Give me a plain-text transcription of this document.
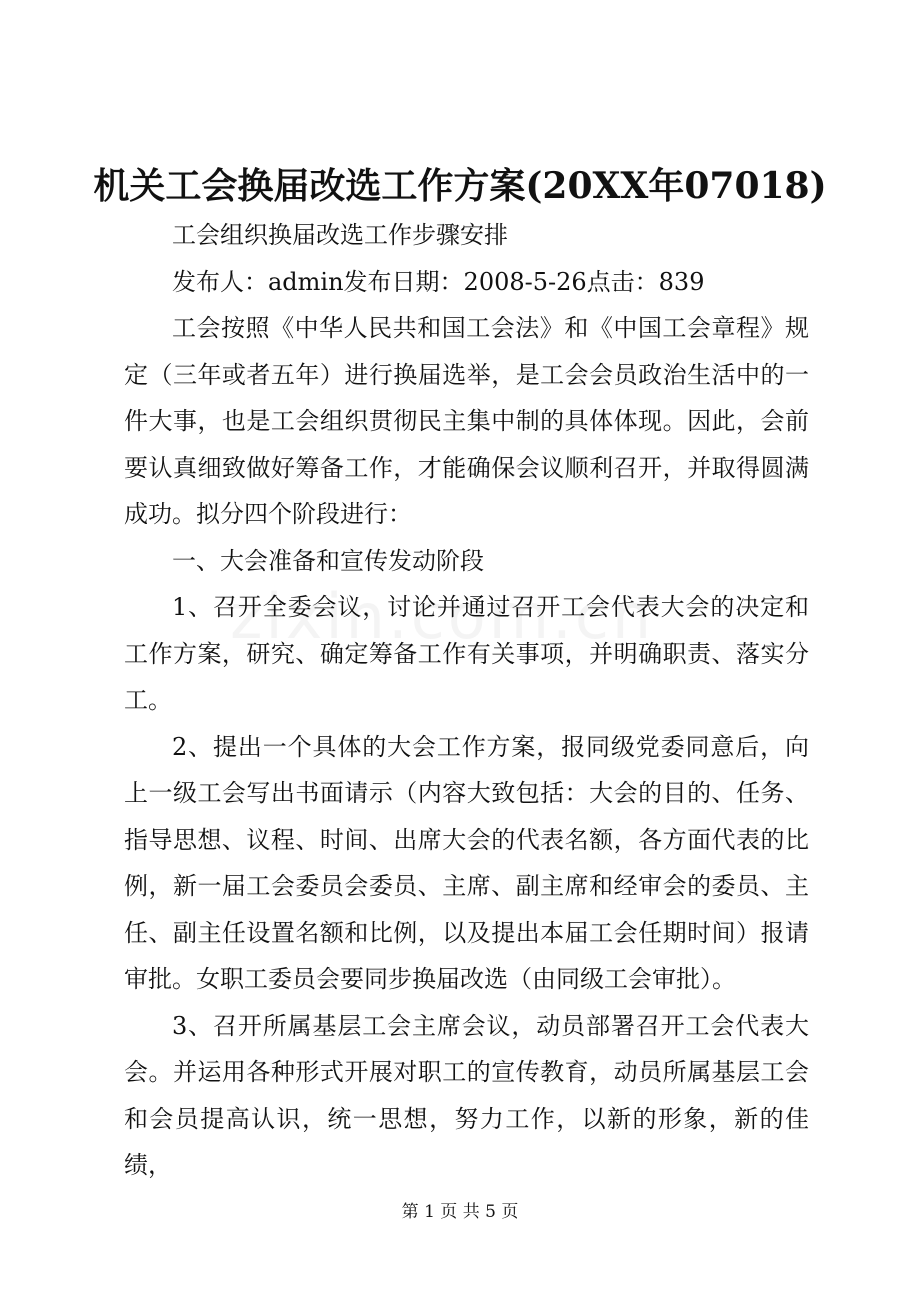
机关工会换届改选工作方案(20XX年07018)

工会组织换届改选工作步骤安排

发布人：admin发布日期：2008-5-26点击：839

工会按照《中华人民共和国工会法》和《中国工会章程》规定（三年或者五年）进行换届选举，是工会会员政治生活中的一件大事，也是工会组织贯彻民主集中制的具体体现。因此，会前要认真细致做好筹备工作，才能确保会议顺利召开，并取得圆满成功。拟分四个阶段进行：

一、大会准备和宣传发动阶段

1、召开全委会议，讨论并通过召开工会代表大会的决定和工作方案，研究、确定筹备工作有关事项，并明确职责、落实分工。

2、提出一个具体的大会工作方案，报同级党委同意后，向上一级工会写出书面请示（内容大致包括：大会的目的、任务、指导思想、议程、时间、出席大会的代表名额，各方面代表的比例，新一届工会委员会委员、主席、副主席和经审会的委员、主任、副主任设置名额和比例，以及提出本届工会任期时间）报请审批。女职工委员会要同步换届改选（由同级工会审批）。

3、召开所属基层工会主席会议，动员部署召开工会代表大会。并运用各种形式开展对职工的宣传教育，动员所属基层工会和会员提高认识，统一思想，努力工作，以新的形象，新的佳绩，

第 1 页 共 5 页
